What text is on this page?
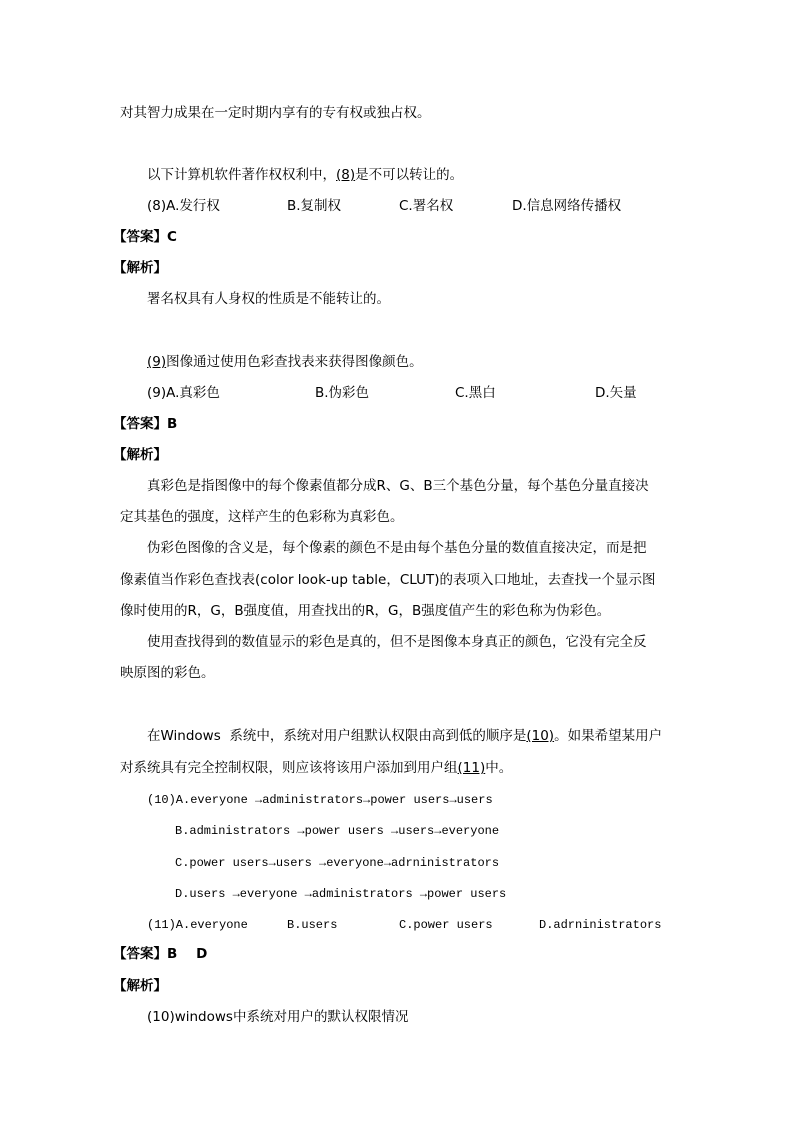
对其智力成果在一定时期内享有的专有权或独占权。
以下计算机软件著作权权利中，(8)是不可以转让的。
(8)A.发行权	B.复制权	C.署名权	D.信息网络传播权
【答案】C
【解析】
署名权具有人身权的性质是不能转让的。
(9)图像通过使用色彩查找表来获得图像颜色。
(9)A.真彩色	B.伪彩色	C.黑白	D.矢量
【答案】B
【解析】
真彩色是指图像中的每个像素值都分成R、G、B三个基色分量，每个基色分量直接决
定其基色的强度，这样产生的色彩称为真彩色。
伪彩色图像的含义是，每个像素的颜色不是由每个基色分量的数值直接决定，而是把
像素值当作彩色查找表(color look-up table，CLUT)的表项入口地址，去查找一个显示图
像时使用的R，G，B强度值，用查找出的R，G，B强度值产生的彩色称为伪彩色。
使用查找得到的数值显示的彩色是真的，但不是图像本身真正的颜色，它没有完全反
映原图的彩色。
在Windows  系统中，系统对用户组默认权限由高到低的顺序是(10)。如果希望某用户
对系统具有完全控制权限，则应该将该用户添加到用户组(11)中。
(10)A.everyone →administrators→power users→users
B.administrators →power users →users→everyone
C.power users→users →everyone→adrninistrators
D.users →everyone →administrators →power users
(11)A.everyone	B.users	C.power users	D.adrninistrators
【答案】B    D
【解析】
(10)windows中系统对用户的默认权限情况
